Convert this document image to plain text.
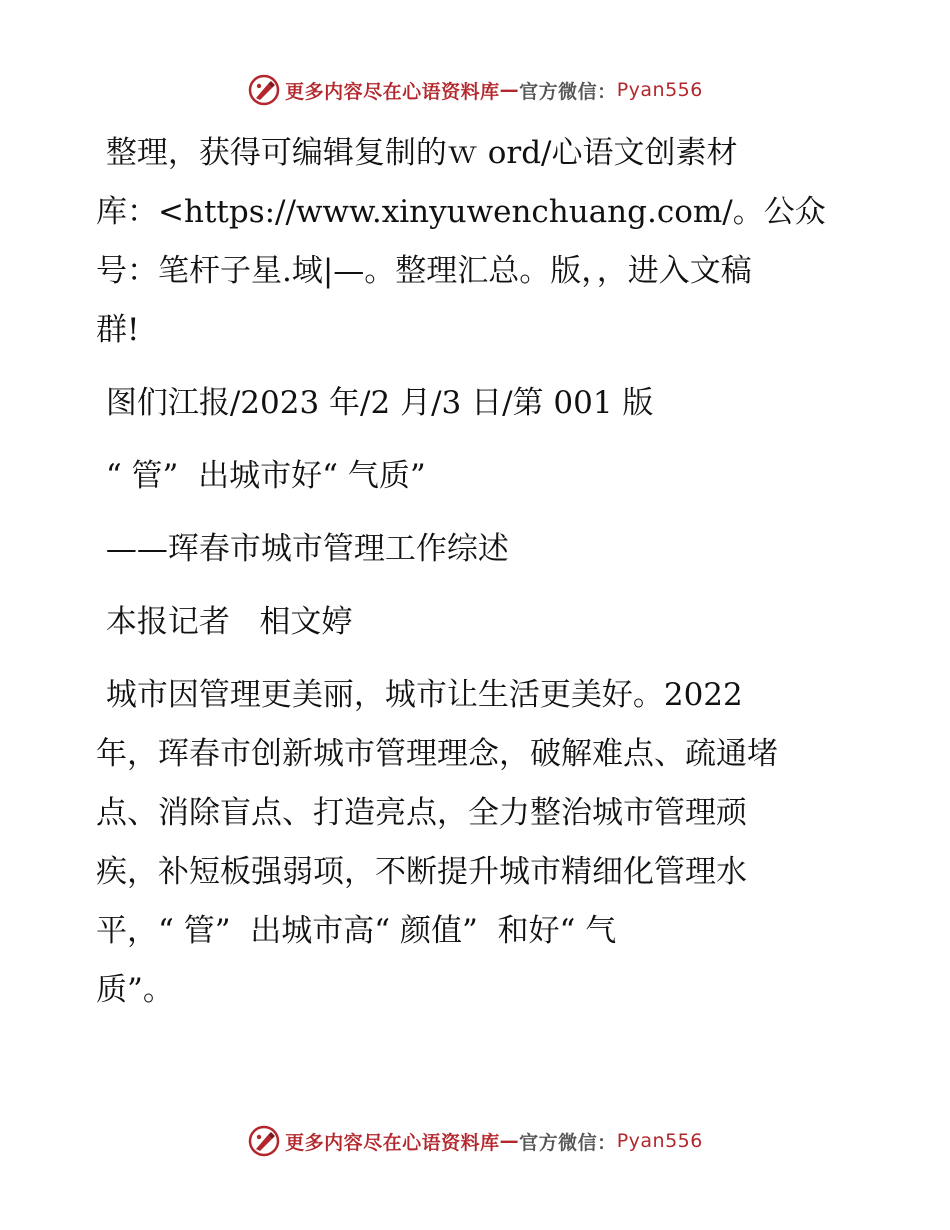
更多内容尽在心语资料库 — 官方微信： Pyan556

整理，获得可编辑复制的ｗ ord/心语文创素材

库：<https://www.xinyuwenchuang.com/。公众

号：笔杆子星.域|—。整理汇总。版，，进入文稿

群!

图们江报/2023 年/2 月/3 日/第 001 版

“ 管”  出城市好“ 气质”

——珲春市城市管理工作综述

本报记者   相文婷

城市因管理更美丽，城市让生活更美好。2022

年，珲春市创新城市管理理念，破解难点、疏通堵

点、消除盲点、打造亮点，全力整治城市管理顽

疾，补短板强弱项，不断提升城市精细化管理水

平，“ 管”  出城市高“ 颜值”  和好“ 气

质”。

更多内容尽在心语资料库 — 官方微信： Pyan556
